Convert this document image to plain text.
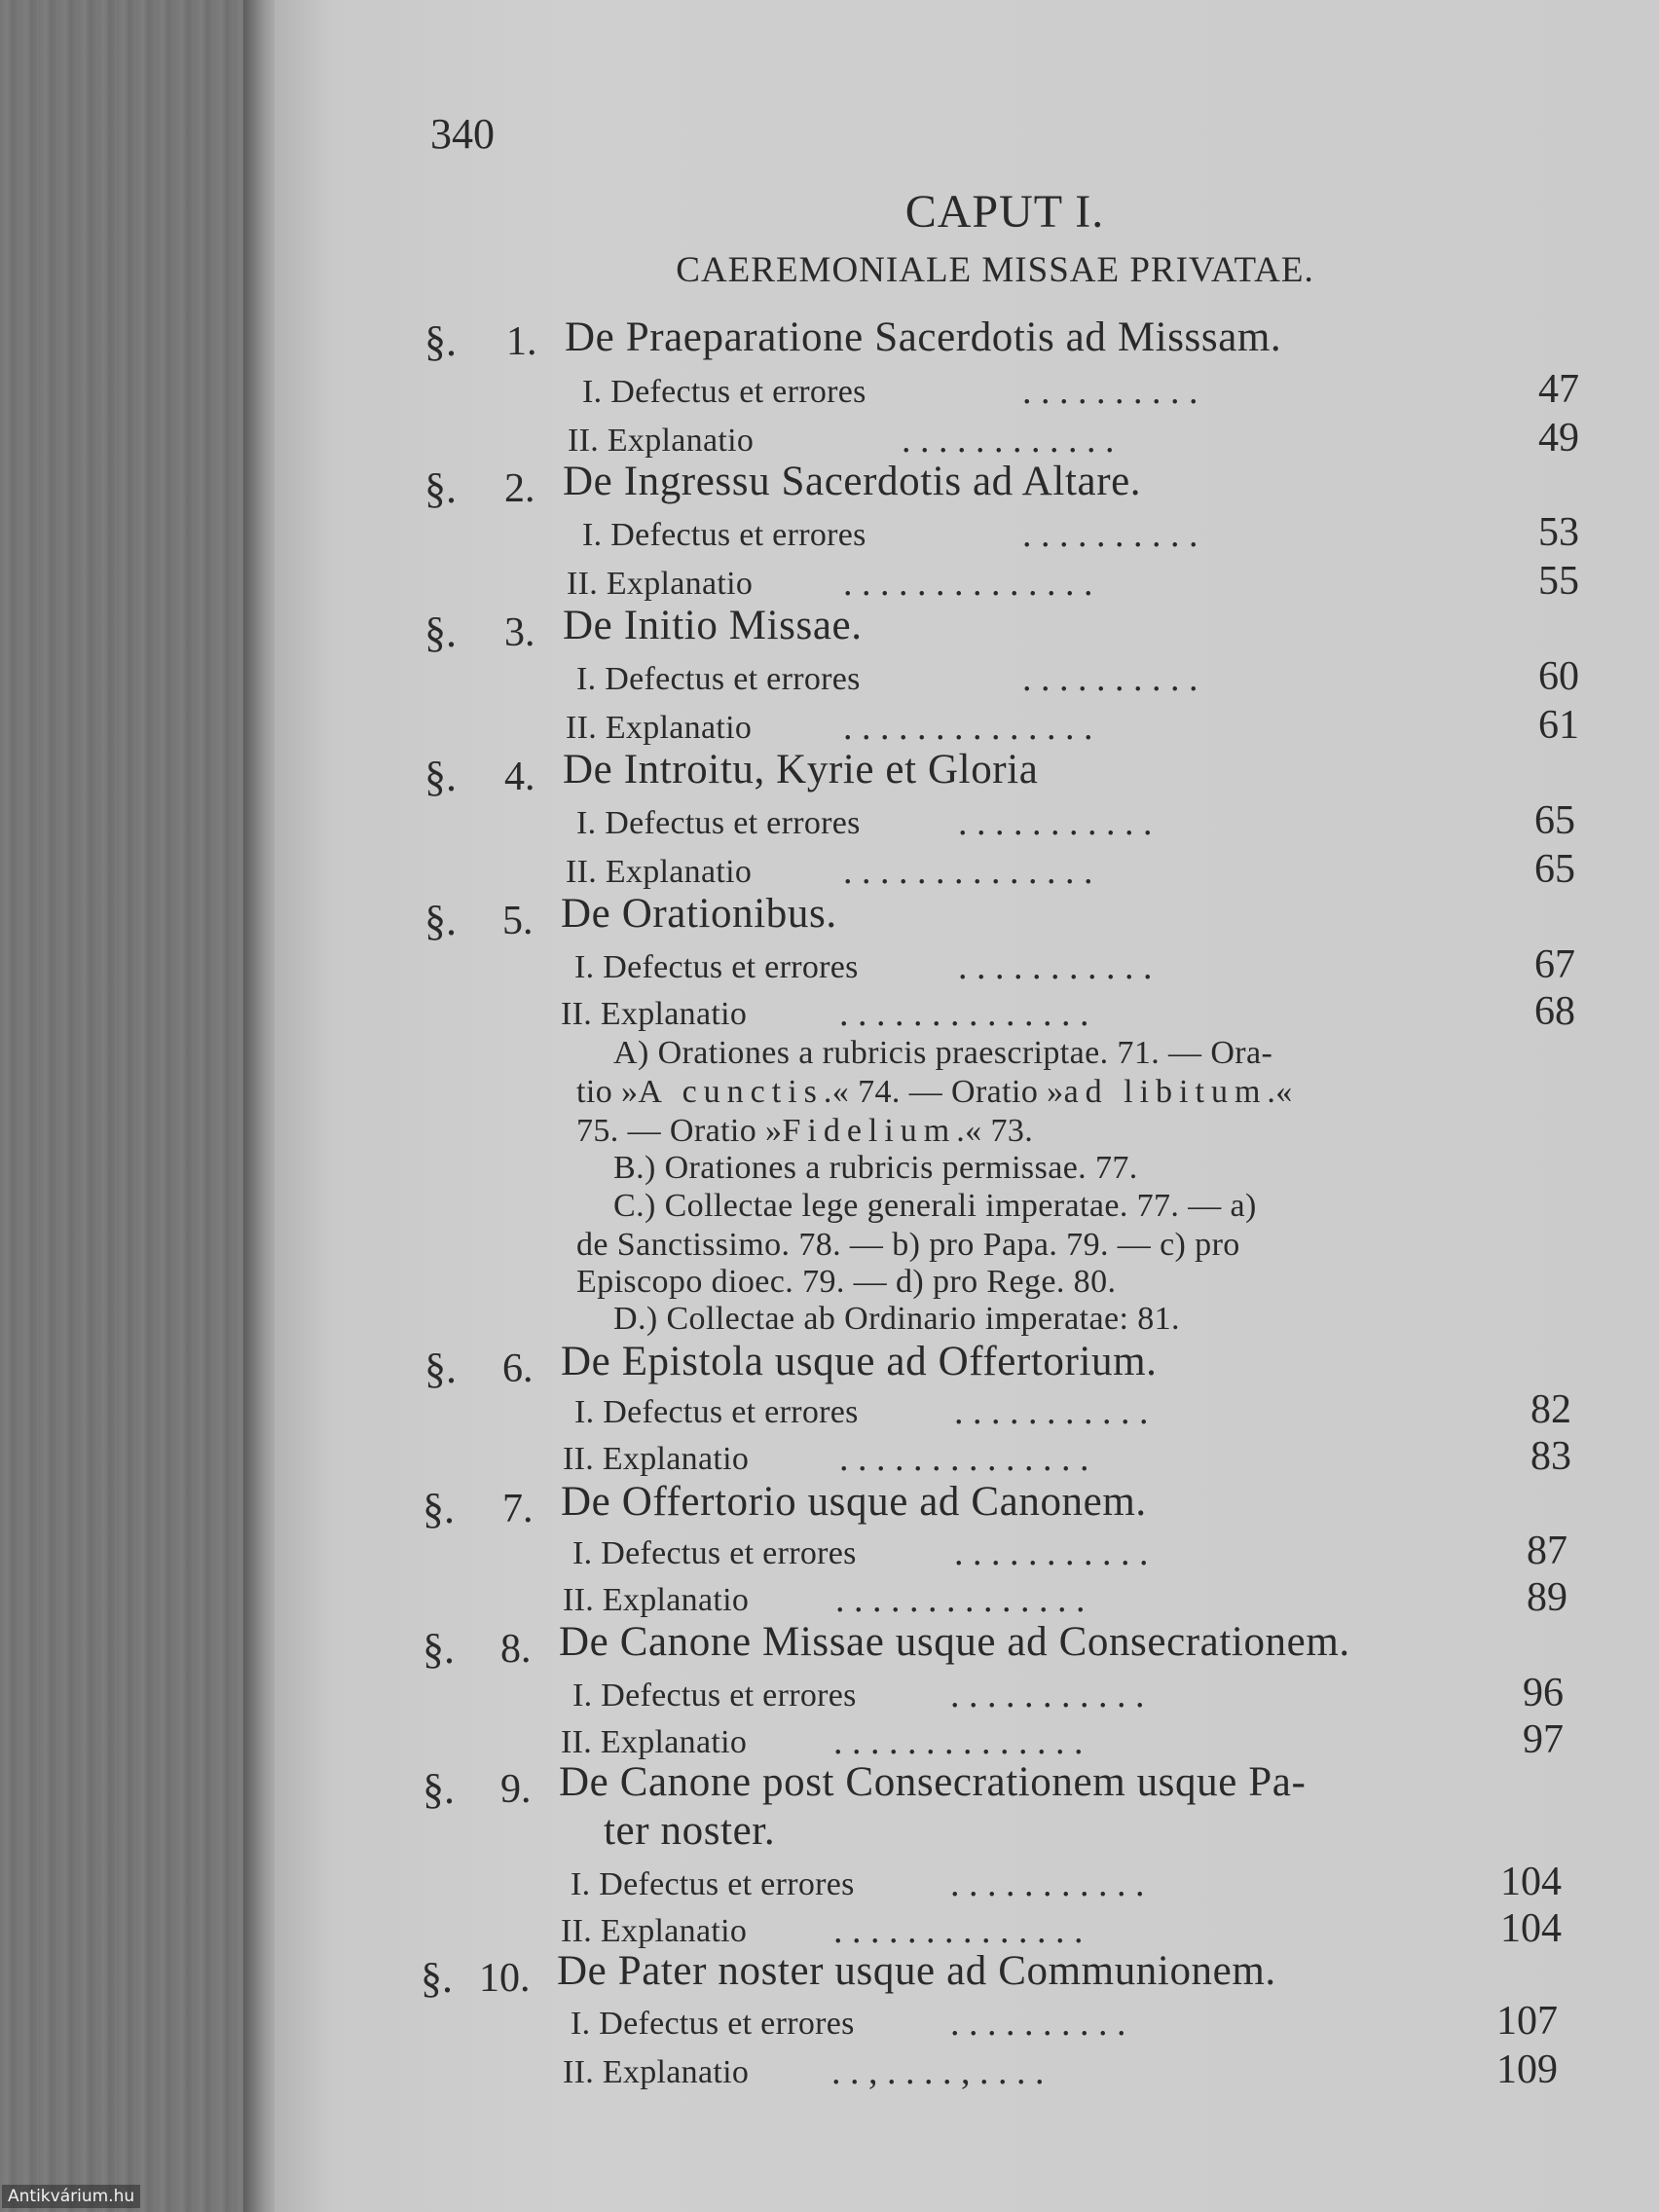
340
CAPUT I.
CAEREMONIALE MISSAE PRIVATAE.
§. 1. De Praeparatione Sacerdotis ad Misssam.
I. Defectus et errores	. . . . . . . . . .	47
II. Explanatio	. . . . . . . . . . . .	49
§. 2. De Ingressu Sacerdotis ad Altare.
I. Defectus et errores	. . . . . . . . . .	53
II. Explanatio . . . . . . . . . . . . . .	55
§. 3. De Initio Missae.
I. Defectus et errores	. . . . . . . . . .	60
II. Explanatio . . . . . . . . . . . . . .	61
§. 4. De Introitu, Kyrie et Gloria
I. Defectus et errores	. . . . . . . . . . .	65
II. Explanatio . . . . . . . . . . . . . .	65
§. 5. De Orationibus.
I. Defectus et errores	. . . . . . . . . . .	67
II. Explanatio . . . . . . . . . . . . . .	68
A) Orationes a rubricis praescriptae. 71. — Ora-
tio »A cunctis.« 74. — Oratio »ad libitum.«
75. — Oratio »Fidelium.« 73.
B.) Orationes a rubricis permissae. 77.
C.) Collectae lege generali imperatae. 77. — a)
de Sanctissimo. 78. — b) pro Papa. 79. — c) pro
Episcopo dioec. 79. — d) pro Rege. 80.
D.) Collectae ab Ordinario imperatae: 81.
§. 6. De Epistola usque ad Offertorium.
I. Defectus et errores	. . . . . . . . . . .	82
II. Explanatio . . . . . . . . . . . . . .	83
§. 7. De Offertorio usque ad Canonem.
I. Defectus et errores	. . . . . . . . . . .	87
II. Explanatio . . . . . . . . . . . . . .	89
§. 8. De Canone Missae usque ad Consecrationem.
I. Defectus et errores	. . . . . . . . . . .	96
II. Explanatio . . . . . . . . . . . . . .	97
§. 9. De Canone post Consecrationem usque Pa-
ter noster.
I. Defectus et errores	. . . . . . . . . . .	104
II. Explanatio . . . . . . . . . . . . . .	104
§. 10. De Pater noster usque ad Communionem.
I. Defectus et errores	. . . . . . . . . .	107
II. Explanatio . . , . . . . , . . . .	109
Antikvárium.hu
